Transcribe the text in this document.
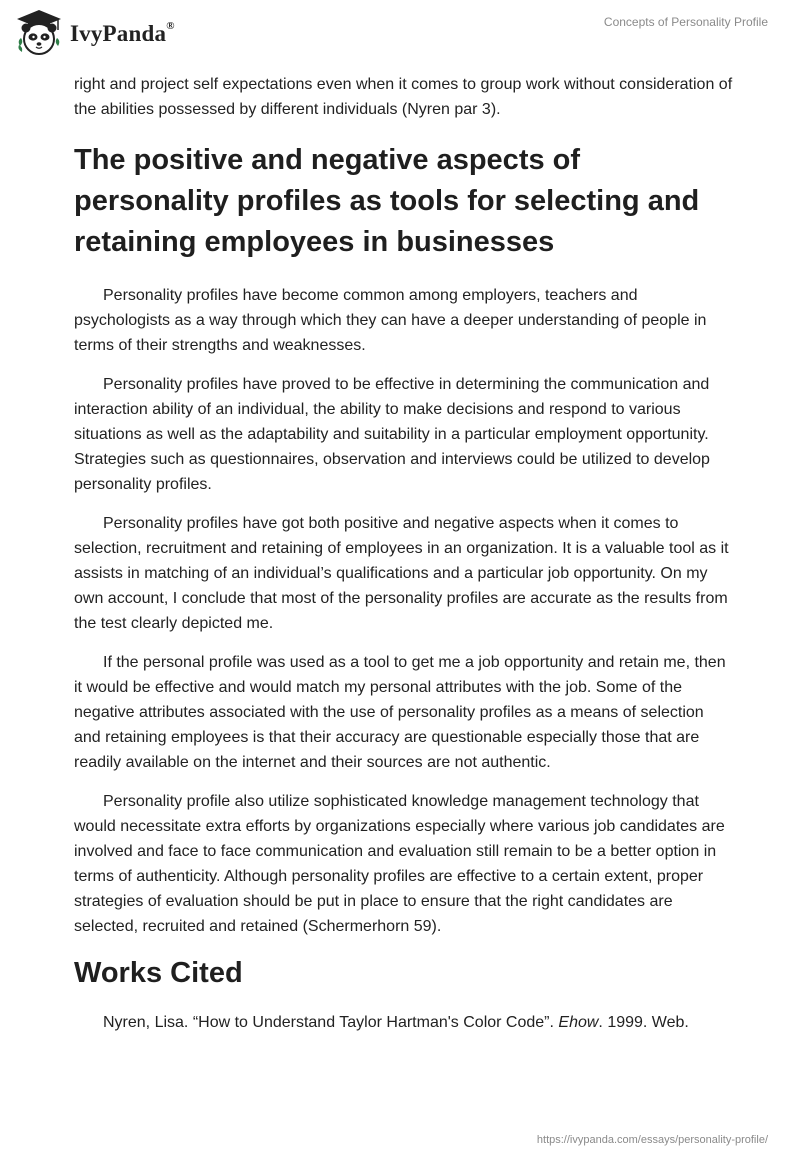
IvyPanda®	Concepts of Personality Profile

right and project self expectations even when it comes to group work without consideration of the abilities possessed by different individuals (Nyren par 3).

The positive and negative aspects of personality profiles as tools for selecting and retaining employees in businesses

Personality profiles have become common among employers, teachers and psychologists as a way through which they can have a deeper understanding of people in terms of their strengths and weaknesses.

Personality profiles have proved to be effective in determining the communication and interaction ability of an individual, the ability to make decisions and respond to various situations as well as the adaptability and suitability in a particular employment opportunity. Strategies such as questionnaires, observation and interviews could be utilized to develop personality profiles.

Personality profiles have got both positive and negative aspects when it comes to selection, recruitment and retaining of employees in an organization. It is a valuable tool as it assists in matching of an individual’s qualifications and a particular job opportunity. On my own account, I conclude that most of the personality profiles are accurate as the results from the test clearly depicted me.

If the personal profile was used as a tool to get me a job opportunity and retain me, then it would be effective and would match my personal attributes with the job. Some of the negative attributes associated with the use of personality profiles as a means of selection and retaining employees is that their accuracy are questionable especially those that are readily available on the internet and their sources are not authentic.

Personality profile also utilize sophisticated knowledge management technology that would necessitate extra efforts by organizations especially where various job candidates are involved and face to face communication and evaluation still remain to be a better option in terms of authenticity. Although personality profiles are effective to a certain extent, proper strategies of evaluation should be put in place to ensure that the right candidates are selected, recruited and retained (Schermerhorn 59).

Works Cited

Nyren, Lisa. “How to Understand Taylor Hartman's Color Code”. Ehow. 1999. Web.

https://ivypanda.com/essays/personality-profile/
